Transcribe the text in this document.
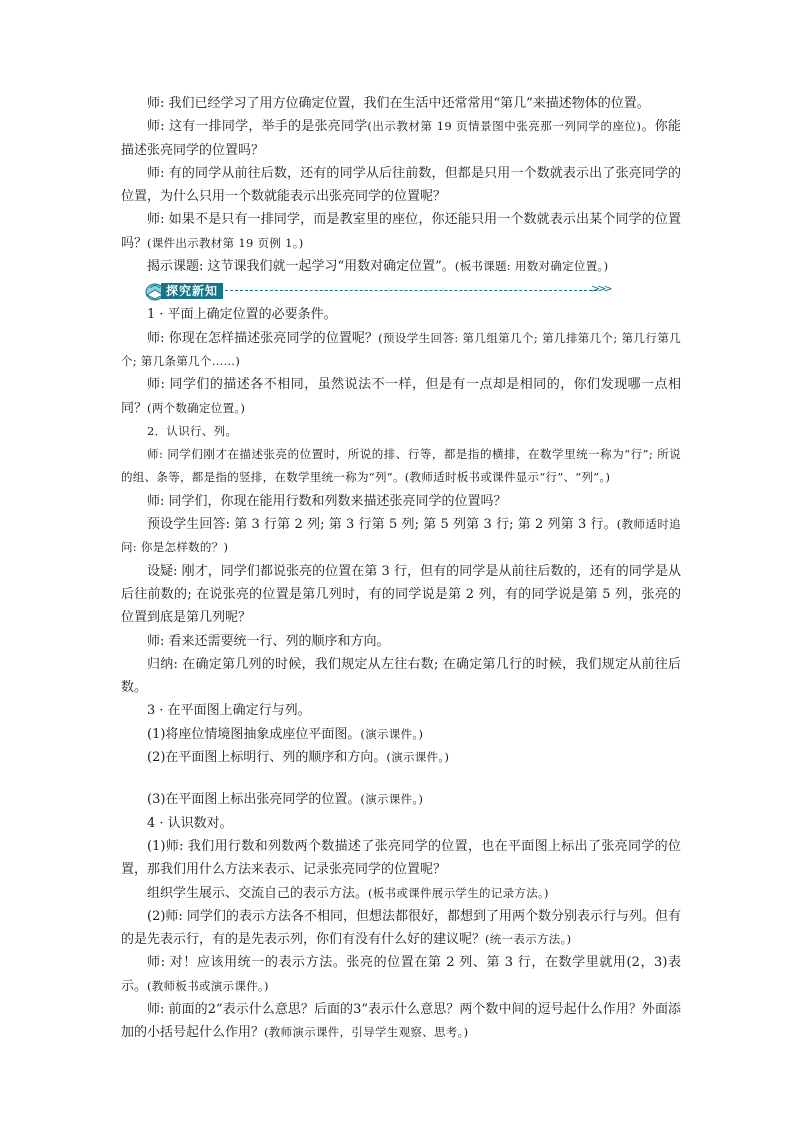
师: 我们已经学习了用方位确定位置，我们在生活中还常常用“第几”来描述物体的位置。

师: 这有一排同学，举手的是张亮同学(出示教材第 19 页情景图中张亮那一列同学的座位)。你能描述张亮同学的位置吗？

师: 有的同学从前往后数，还有的同学从后往前数，但都是只用一个数就表示出了张亮同学的位置，为什么只用一个数就能表示出张亮同学的位置呢？

师: 如果不是只有一排同学，而是教室里的座位，你还能只用一个数就表示出某个同学的位置吗？(课件出示教材第 19 页例 1。)

揭示课题: 这节课我们就一起学习“用数对确定位置”。(板书课题: 用数对确定位置。)

探究新知	>>>

1 · 平面上确定位置的必要条件。

师: 你现在怎样描述张亮同学的位置呢？(预设学生回答: 第几组第几个; 第几排第几个; 第几行第几个; 第几条第几个……)

师: 同学们的描述各不相同，虽然说法不一样，但是有一点却是相同的，你们发现哪一点相同？(两个数确定位置。)

2．认识行、列。

师: 同学们刚才在描述张亮的位置时，所说的排、行等，都是指的横排，在数学里统一称为“行”; 所说的组、条等，都是指的竖排，在数学里统一称为“列”。(教师适时板书或课件显示“行”、“列”。)

师: 同学们，你现在能用行数和列数来描述张亮同学的位置吗？

预设学生回答: 第 3 行第 2 列; 第 3 行第 5 列; 第 5 列第 3 行; 第 2 列第 3 行。(教师适时追问: 你是怎样数的？)

设疑: 刚才，同学们都说张亮的位置在第 3 行，但有的同学是从前往后数的，还有的同学是从后往前数的; 在说张亮的位置是第几列时，有的同学说是第 2 列，有的同学说是第 5 列，张亮的位置到底是第几列呢？

师: 看来还需要统一行、列的顺序和方向。

归纳: 在确定第几列的时候，我们规定从左往右数; 在确定第几行的时候，我们规定从前往后数。

3 · 在平面图上确定行与列。

(1)将座位情境图抽象成座位平面图。(演示课件。)

(2)在平面图上标明行、列的顺序和方向。(演示课件。)

(3)在平面图上标出张亮同学的位置。(演示课件。)

4 · 认识数对。

(1)师: 我们用行数和列数两个数描述了张亮同学的位置，也在平面图上标出了张亮同学的位置，那我们用什么方法来表示、记录张亮同学的位置呢？

组织学生展示、交流自己的表示方法。(板书或课件展示学生的记录方法。)

(2)师: 同学们的表示方法各不相同，但想法都很好，都想到了用两个数分别表示行与列。但有的是先表示行，有的是先表示列，你们有没有什么好的建议呢？(统一表示方法。)

师: 对！应该用统一的表示方法。张亮的位置在第 2 列、第 3 行，在数学里就用(2，3)表示。(教师板书或演示课件。)

师: 前面的2”表示什么意思？后面的3”表示什么意思？两个数中间的逗号起什么作用？外面添加的小括号起什么作用？(教师演示课件，引导学生观察、思考。)
